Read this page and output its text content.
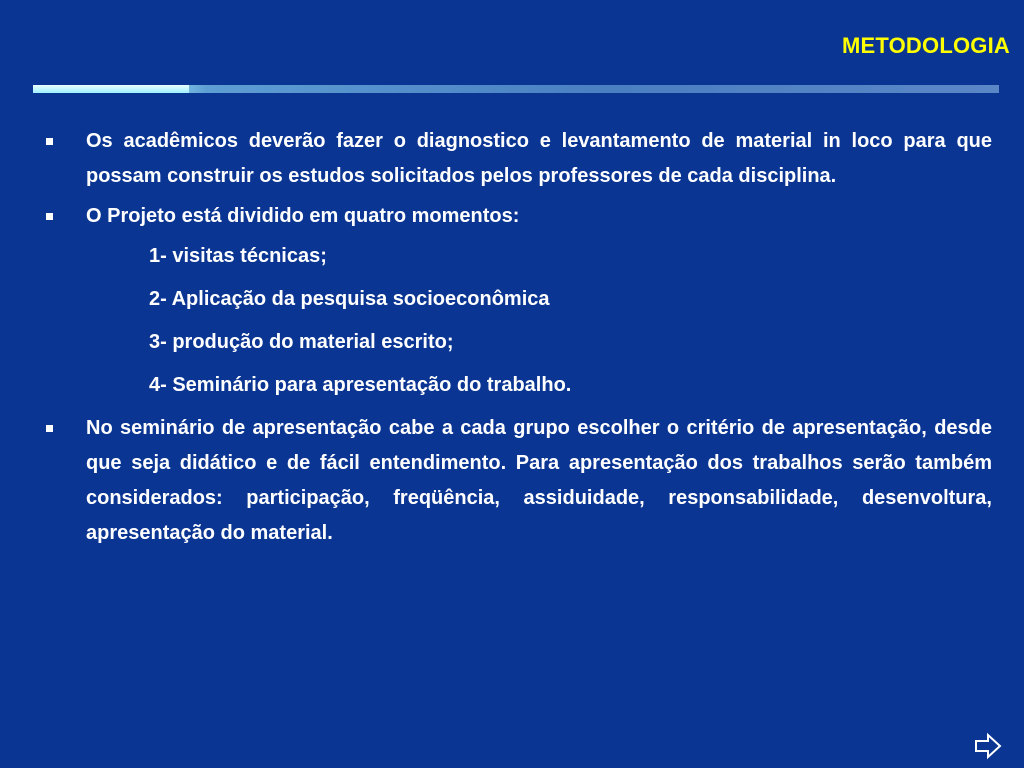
METODOLOGIA
Os acadêmicos deverão fazer o diagnostico e levantamento de material in loco para que possam construir os estudos solicitados pelos professores de cada disciplina.
O Projeto está dividido em quatro momentos:
1- visitas técnicas;
2- Aplicação da pesquisa socioeconômica
3- produção do material escrito;
4- Seminário para apresentação do trabalho.
No seminário de apresentação cabe a cada grupo escolher o critério de apresentação, desde que seja didático e de fácil entendimento. Para apresentação dos trabalhos serão também considerados: participação, freqüência, assiduidade, responsabilidade, desenvoltura, apresentação do material.
